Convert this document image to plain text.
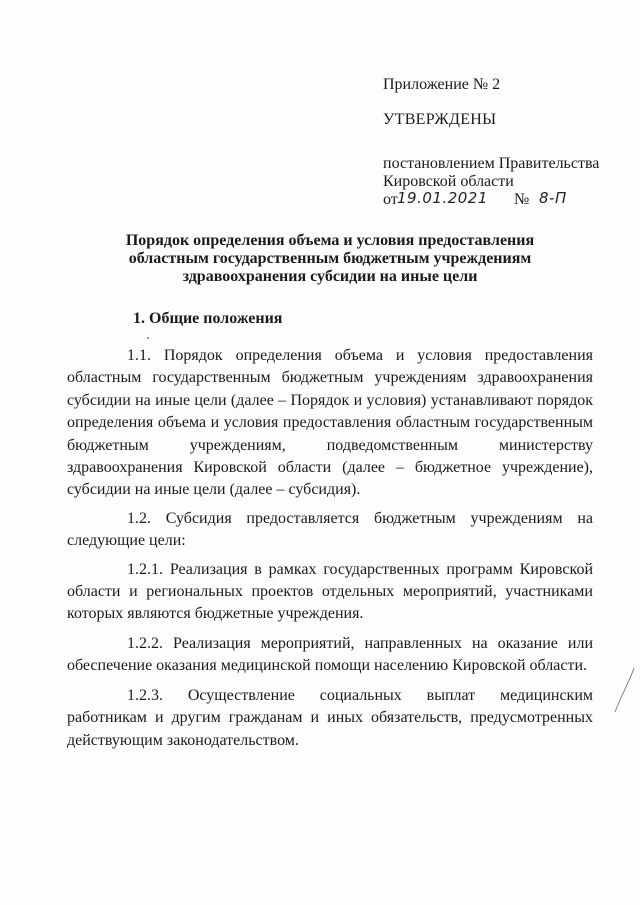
Приложение № 2

УТВЕРЖДЕНЫ

постановлением Правительства

Кировской области

от 19.01.2021 № 8-П
Порядок определения объема и условия предоставления
областным государственным бюджетным учреждениям
здравоохранения субсидии на иные цели
1. Общие положения

1.1. Порядок определения объема и условия предоставления областным государственным бюджетным учреждениям здравоохранения субсидии на иные цели (далее – Порядок и условия) устанавливают порядок определения объема и условия предоставления областным государственным бюджетным учреждениям, подведомственным министерству здравоохранения Кировской области (далее – бюджетное учреждение), субсидии на иные цели (далее – субсидия).

1.2. Субсидия предоставляется бюджетным учреждениям на следующие цели:

1.2.1. Реализация в рамках государственных программ Кировской области и региональных проектов отдельных мероприятий, участниками которых являются бюджетные учреждения.

1.2.2. Реализация мероприятий, направленных на оказание или обеспечение оказания медицинской помощи населению Кировской области.

1.2.3. Осуществление социальных выплат медицинским работникам и другим гражданам и иных обязательств, предусмотренных действующим законодательством.
